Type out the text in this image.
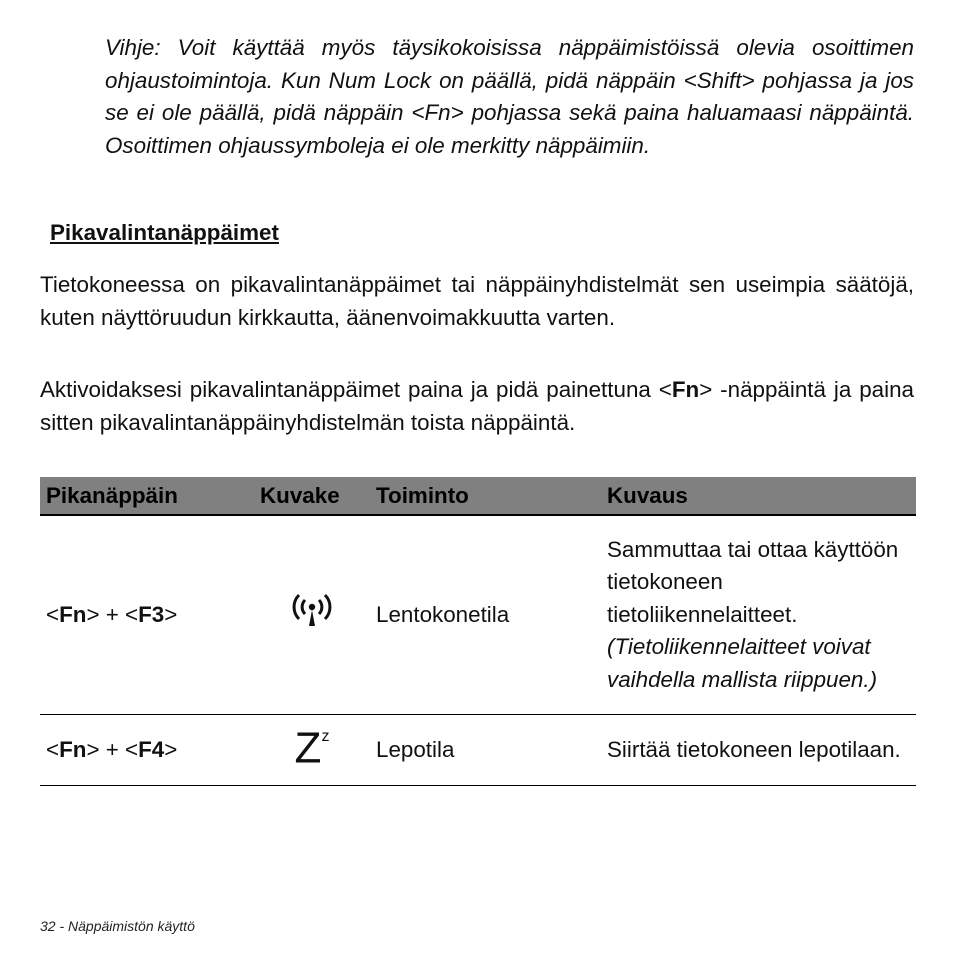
Vihje: Voit käyttää myös täysikokoisissa näppäimistöissä olevia osoittimen ohjaustoimintoja. Kun Num Lock on päällä, pidä näppäin <Shift> pohjassa ja jos se ei ole päällä, pidä näppäin <Fn> pohjassa sekä paina haluamaasi näppäintä. Osoittimen ohjaussymboleja ei ole merkitty näppäimiin.

Pikavalintanäppäimet

Tietokoneessa on pikavalintanäppäimet tai näppäinyhdistelmät sen useimpia säätöjä, kuten näyttöruudun kirkkautta, äänenvoimakkuutta varten.

Aktivoidaksesi pikavalintanäppäimet paina ja pidä painettuna <Fn> -näppäintä ja paina sitten pikavalintanäppäinyhdistelmän toista näppäintä.

Pikanäppäin	Kuvake	Toiminto	Kuvaus
<Fn> + <F3>		Lentokonetila	Sammuttaa tai ottaa käyttöön tietokoneen tietoliikennelaitteet. (Tietoliikennelaitteet voivat vaihdella mallista riippuen.)
<Fn> + <F4>	$Z^z$	Lepotila	Siirtää tietokoneen lepotilaan.

32 - Näppäimistön käyttö
